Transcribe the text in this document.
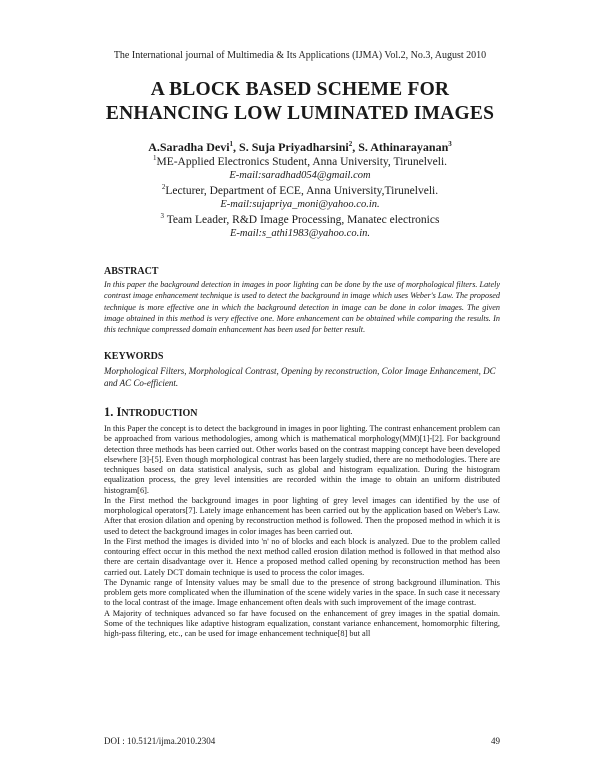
The International journal of Multimedia & Its Applications (IJMA) Vol.2, No.3, August 2010
A BLOCK BASED SCHEME FOR
ENHANCING LOW LUMINATED IMAGES
A.Saradha Devi$^1$, S. Suja Priyadharsini$^2$, S. Athinarayanan$^3$
$^1$ME-Applied Electronics Student, Anna University, Tirunelveli.
E-mail:saradhad054@gmail.com
$^2$Lecturer, Department of ECE, Anna University,Tirunelveli.
E-mail:sujapriya_moni@yahoo.co.in.
$^3$ Team Leader, R&D Image Processing, Manatec electronics
E-mail:s_athi1983@yahoo.co.in.
ABSTRACT
In this paper the background detection in images in poor lighting can be done by the use of morphological filters. Lately contrast image enhancement technique is used to detect the background in image which uses Weber's Law. The proposed technique is more effective one in which the background detection in image can be done in color images. The given image obtained in this method is very effective one. More enhancement can be obtained while comparing the results. In this technique compressed domain enhancement has been used for better result.
KEYWORDS
Morphological Filters, Morphological Contrast, Opening by reconstruction, Color Image Enhancement, DC and AC Co-efficient.
1. INTRODUCTION

In this Paper the concept is to detect the background in images in poor lighting. The contrast enhancement problem can be approached from various methodologies, among which is mathematical morphology(MM)[1]-[2]. For background detection three methods has been carried out. Other works based on the contrast mapping concept have been developed elsewhere [3]-[5]. Even though morphological contrast has been largely studied, there are no methodologies. There are techniques based on data statistical analysis, such as global and histogram equalization. During the histogram equalization process, the grey level intensities are recorded within the image to obtain an uniform distributed histogram[6].

In the First method the background images in poor lighting of grey level images can identified by the use of morphological operators[7]. Lately image enhancement has been carried out by the application based on Weber's Law. After that erosion dilation and opening by reconstruction method is followed. Then the proposed method in which it is used to detect the background images in color images has been carried out.

In the First method the images is divided into 'n' no of blocks and each block is analyzed. Due to the problem called contouring effect occur in this method the next method called erosion dilation method is followed in that method also there are certain disadvantage over it. Hence a proposed method called opening by reconstruction method has been carried out. Lately DCT domain technique is used to process the color images.

The Dynamic range of Intensity values may be small due to the presence of strong background illumination. This problem gets more complicated when the illumination of the scene widely varies in the space. In such case it necessary to the local contrast of the image. Image enhancement often deals with such improvement of the image contrast.

A Majority of techniques advanced so far have focused on the enhancement of grey images in the spatial domain. Some of the techniques like adaptive histogram equalization, constant variance enhancement, homomorphic filtering, high-pass filtering, etc., can be used for image enhancement technique[8] but all

DOI : 10.5121/ijma.2010.2304	49
